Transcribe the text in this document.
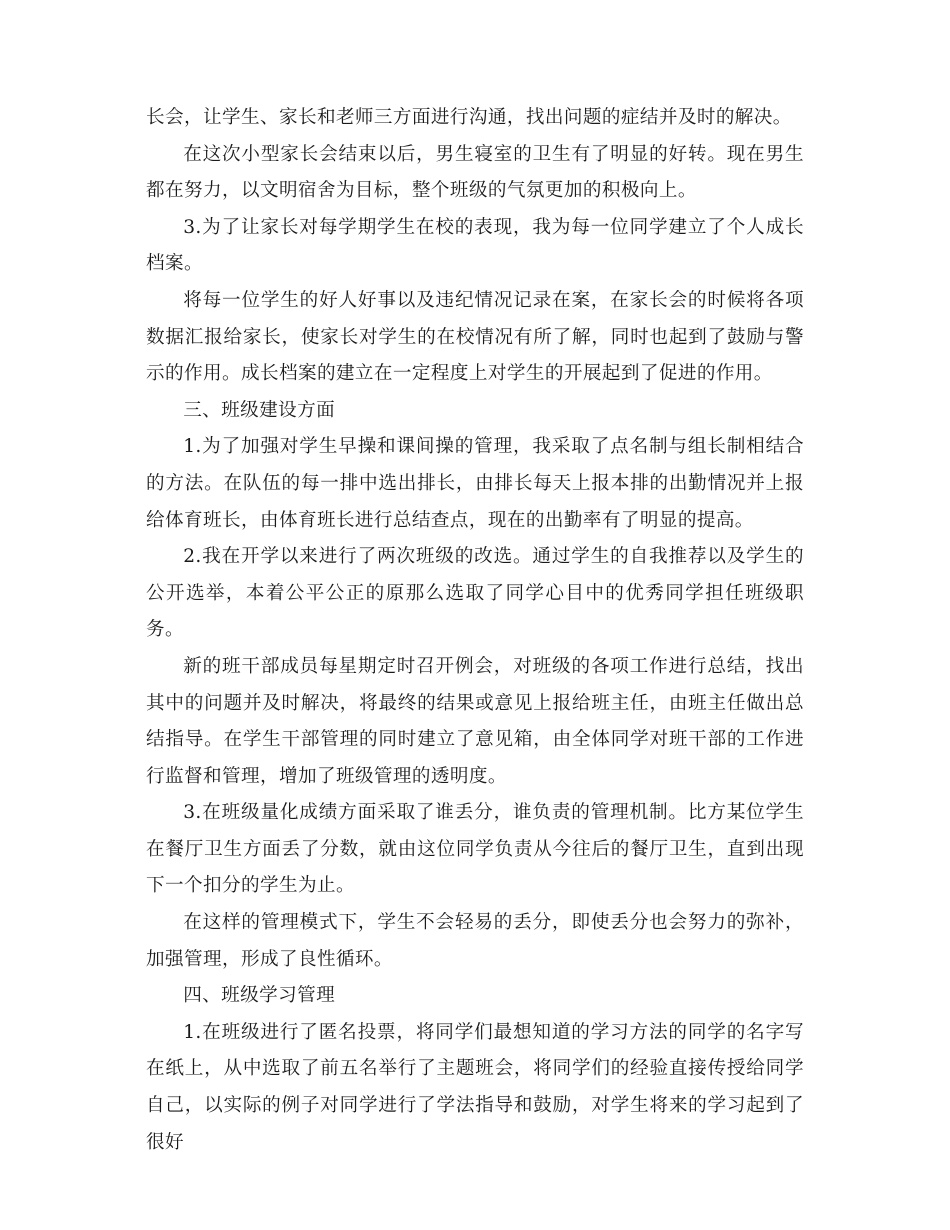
长会，让学生、家长和老师三方面进行沟通，找出问题的症结并及时的解决。

在这次小型家长会结束以后，男生寝室的卫生有了明显的好转。现在男生都在努力，以文明宿舍为目标，整个班级的气氛更加的积极向上。

3.为了让家长对每学期学生在校的表现，我为每一位同学建立了个人成长档案。

将每一位学生的好人好事以及违纪情况记录在案，在家长会的时候将各项数据汇报给家长，使家长对学生的在校情况有所了解，同时也起到了鼓励与警示的作用。成长档案的建立在一定程度上对学生的开展起到了促进的作用。

三、班级建设方面

1.为了加强对学生早操和课间操的管理，我采取了点名制与组长制相结合的方法。在队伍的每一排中选出排长，由排长每天上报本排的出勤情况并上报给体育班长，由体育班长进行总结查点，现在的出勤率有了明显的提高。

2.我在开学以来进行了两次班级的改选。通过学生的自我推荐以及学生的公开选举，本着公平公正的原那么选取了同学心目中的优秀同学担任班级职务。

新的班干部成员每星期定时召开例会，对班级的各项工作进行总结，找出其中的问题并及时解决，将最终的结果或意见上报给班主任，由班主任做出总结指导。在学生干部管理的同时建立了意见箱，由全体同学对班干部的工作进行监督和管理，增加了班级管理的透明度。

3.在班级量化成绩方面采取了谁丢分，谁负责的管理机制。比方某位学生在餐厅卫生方面丢了分数，就由这位同学负责从今往后的餐厅卫生，直到出现下一个扣分的学生为止。

在这样的管理模式下，学生不会轻易的丢分，即使丢分也会努力的弥补，加强管理，形成了良性循环。

四、班级学习管理

1.在班级进行了匿名投票，将同学们最想知道的学习方法的同学的名字写在纸上，从中选取了前五名举行了主题班会，将同学们的经验直接传授给同学自己，以实际的例子对同学进行了学法指导和鼓励，对学生将来的学习起到了很好
